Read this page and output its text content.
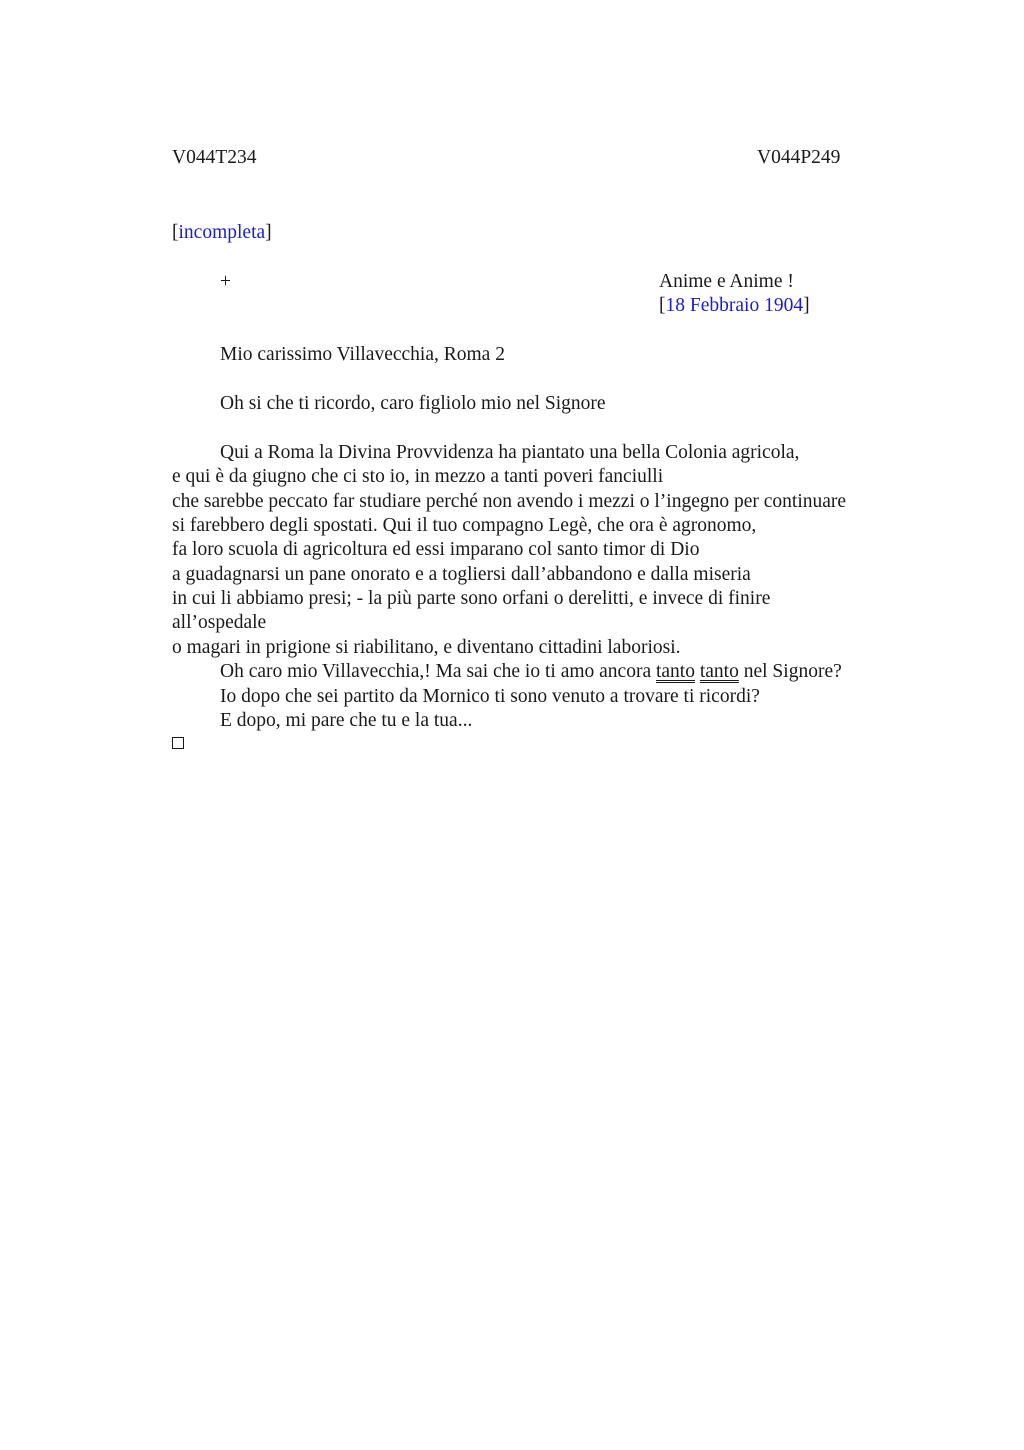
V044T234	V044P249
[incompleta]
+	Anime e Anime !
[18 Febbraio 1904]
Mio carissimo Villavecchia, Roma 2
Oh si che ti ricordo, caro figliolo mio nel Signore
Qui a Roma la Divina Provvidenza ha piantato una bella Colonia agricola,
e qui è da giugno che ci sto io, in mezzo a tanti poveri fanciulli
che sarebbe peccato far studiare perché non avendo i mezzi o l’ingegno per continuare
si farebbero degli spostati. Qui il tuo compagno Legè, che ora è agronomo,
fa loro scuola di agricoltura ed essi imparano col santo timor di Dio
a guadagnarsi un pane onorato e a togliersi dall’abbandono e dalla miseria
in cui li abbiamo presi; - la più parte sono orfani o derelitti, e invece di finire
all’ospedale
o magari in prigione si riabilitano, e diventano cittadini laboriosi.
Oh caro mio Villavecchia,! Ma sai che io ti amo ancora tanto tanto nel Signore?
Io dopo che sei partito da Mornico ti sono venuto a trovare ti ricordi?
E dopo, mi pare che tu e la tua...
